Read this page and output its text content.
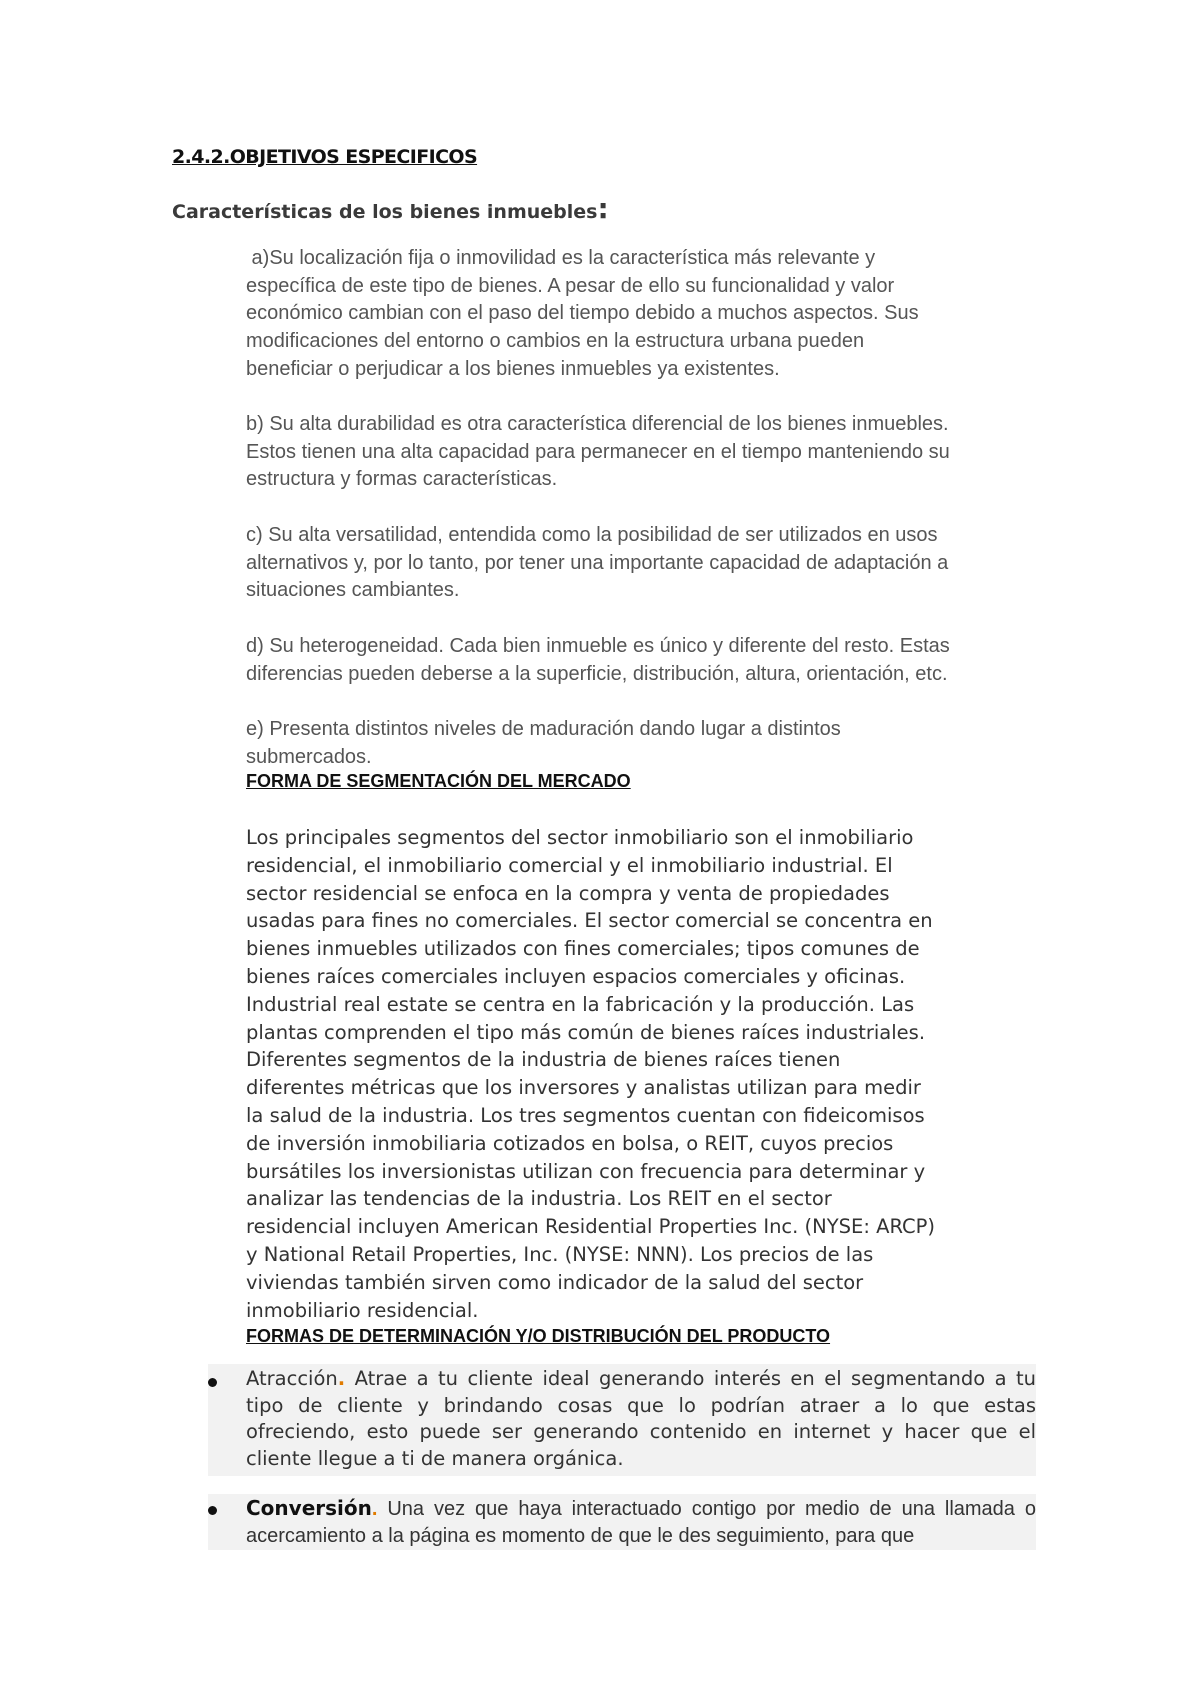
2.4.2.OBJETIVOS ESPECIFICOS
Características de los bienes inmuebles:

a)Su localización fija o inmovilidad es la característica más relevante y
específica de este tipo de bienes. A pesar de ello su funcionalidad y valor
económico cambian con el paso del tiempo debido a muchos aspectos. Sus
modificaciones del entorno o cambios en la estructura urbana pueden
beneficiar o perjudicar a los bienes inmuebles ya existentes.

b) Su alta durabilidad es otra característica diferencial de los bienes inmuebles.
Estos tienen una alta capacidad para permanecer en el tiempo manteniendo su
estructura y formas características.

c) Su alta versatilidad, entendida como la posibilidad de ser utilizados en usos
alternativos y, por lo tanto, por tener una importante capacidad de adaptación a
situaciones cambiantes.

d) Su heterogeneidad. Cada bien inmueble es único y diferente del resto. Estas
diferencias pueden deberse a la superficie, distribución, altura, orientación, etc.

e) Presenta distintos niveles de maduración dando lugar a distintos
submercados.

FORMA DE SEGMENTACIÓN DEL MERCADO

Los principales segmentos del sector inmobiliario son el inmobiliario
residencial, el inmobiliario comercial y el inmobiliario industrial. El
sector residencial se enfoca en la compra y venta de propiedades
usadas para fines no comerciales. El sector comercial se concentra en
bienes inmuebles utilizados con fines comerciales; tipos comunes de
bienes raíces comerciales incluyen espacios comerciales y oficinas.
Industrial real estate se centra en la fabricación y la producción. Las
plantas comprenden el tipo más común de bienes raíces industriales.
Diferentes segmentos de la industria de bienes raíces tienen
diferentes métricas que los inversores y analistas utilizan para medir
la salud de la industria. Los tres segmentos cuentan con fideicomisos
de inversión inmobiliaria cotizados en bolsa, o REIT, cuyos precios
bursátiles los inversionistas utilizan con frecuencia para determinar y
analizar las tendencias de la industria. Los REIT en el sector
residencial incluyen American Residential Properties Inc. (NYSE: ARCP)
y National Retail Properties, Inc. (NYSE: NNN). Los precios de las
viviendas también sirven como indicador de la salud del sector
inmobiliario residencial.

FORMAS DE DETERMINACIÓN Y/O DISTRIBUCIÓN DEL PRODUCTO

Atracción. Atrae a tu cliente ideal generando interés en el segmentando a tu tipo de cliente y brindando cosas que lo podrían atraer a lo que estas ofreciendo, esto puede ser generando contenido en internet y hacer que el cliente llegue a ti de manera orgánica.

Conversión. Una vez que haya interactuado contigo por medio de una llamada o acercamiento a la página es momento de que le des seguimiento, para que
